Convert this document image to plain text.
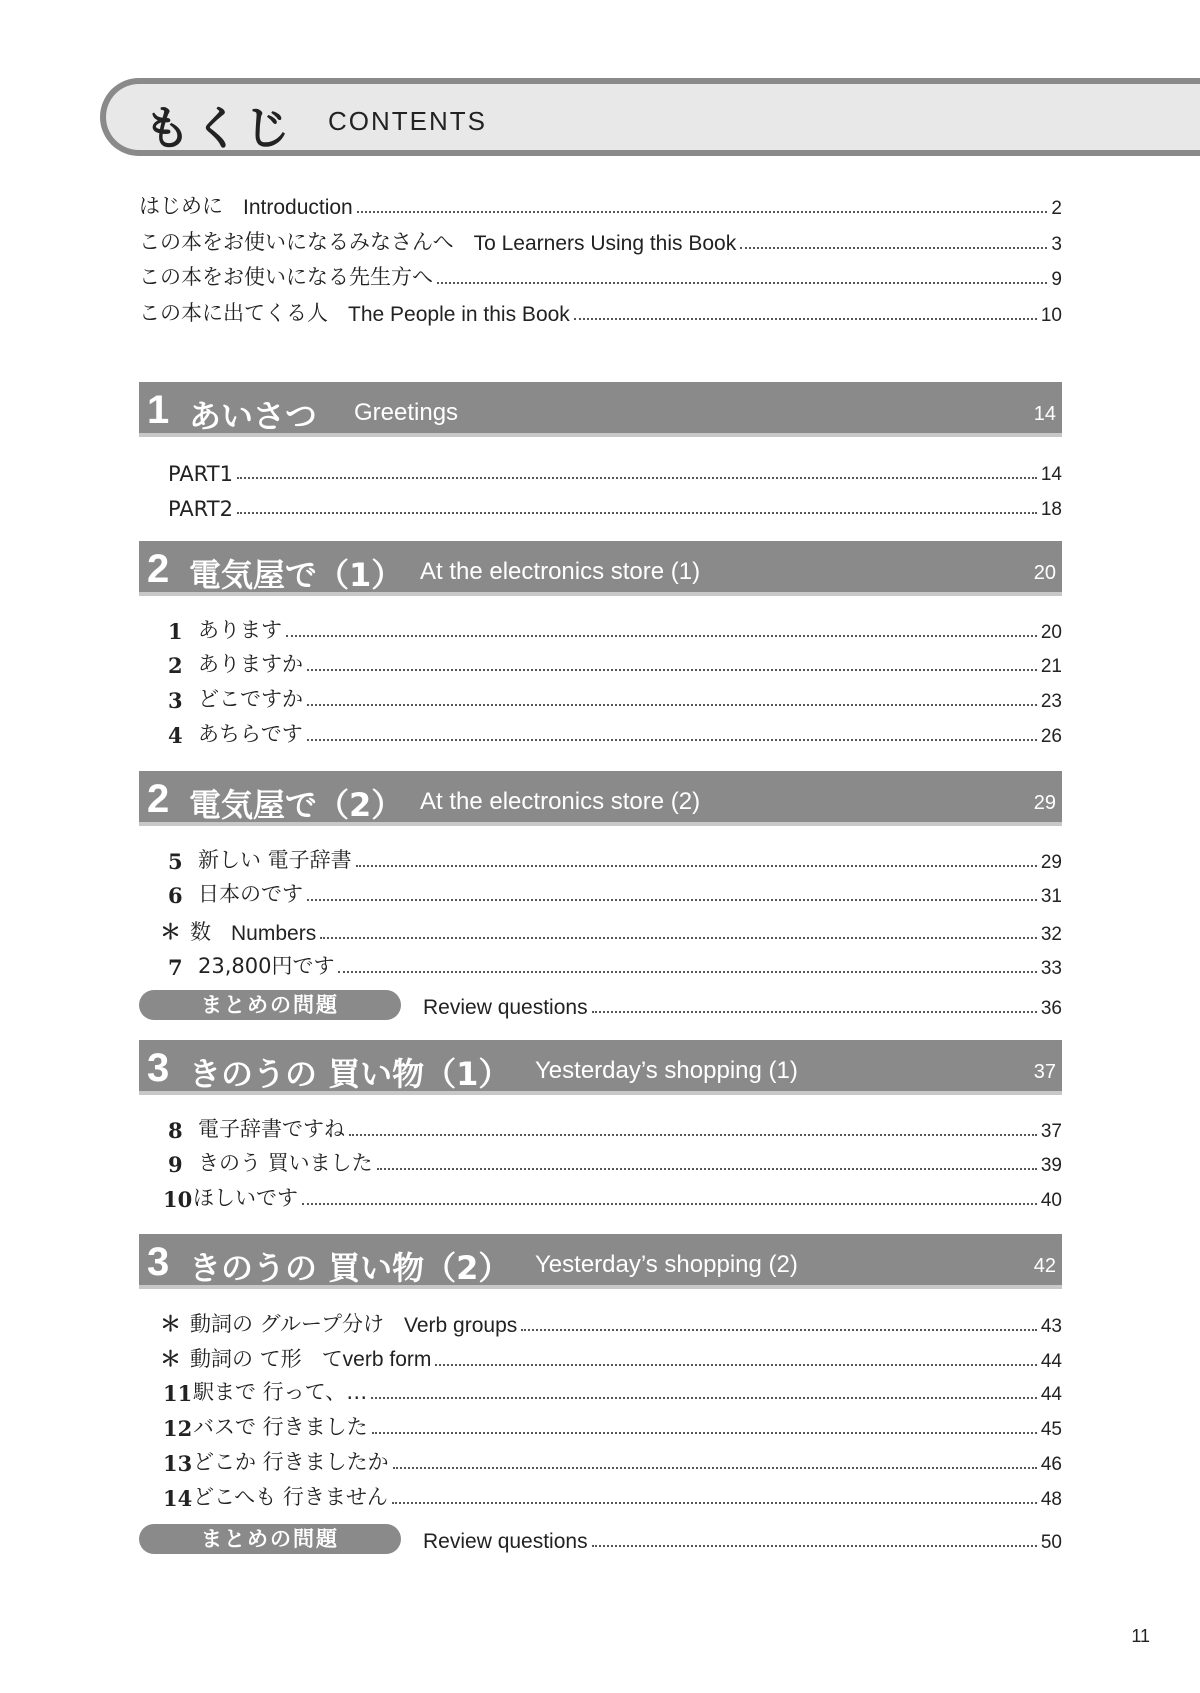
もくじ CONTENTS
はじめに Introduction	2
この本をお使いになるみなさんへ To Learners Using this Book	3
この本をお使いになる先生方へ	9
この本に出てくる人 The People in this Book	10
1 あいさつ Greetings	14
PART1	14
PART2	18
2 電気屋で（1） At the electronics store (1)	20
1 あります	20
2 ありますか	21
3 どこですか	23
4 あちらです	26
2 電気屋で（2） At the electronics store (2)	29
5 新しい 電子辞書	29
6 日本のです	31
＊ 数 Numbers	32
7 23,800円です	33
まとめの問題	Review questions	36
3 きのうの 買い物（1） Yesterday’s shopping (1)	37
8 電子辞書ですね	37
9 きのう 買いました	39
10 ほしいです	40
3 きのうの 買い物（2） Yesterday’s shopping (2)	42
＊ 動詞の グループ分け Verb groups	43
＊ 動詞の て形 てverb form	44
11 駅まで 行って、…	44
12 バスで 行きました	45
13 どこか 行きましたか	46
14 どこへも 行きません	48
まとめの問題	Review questions	50
11
